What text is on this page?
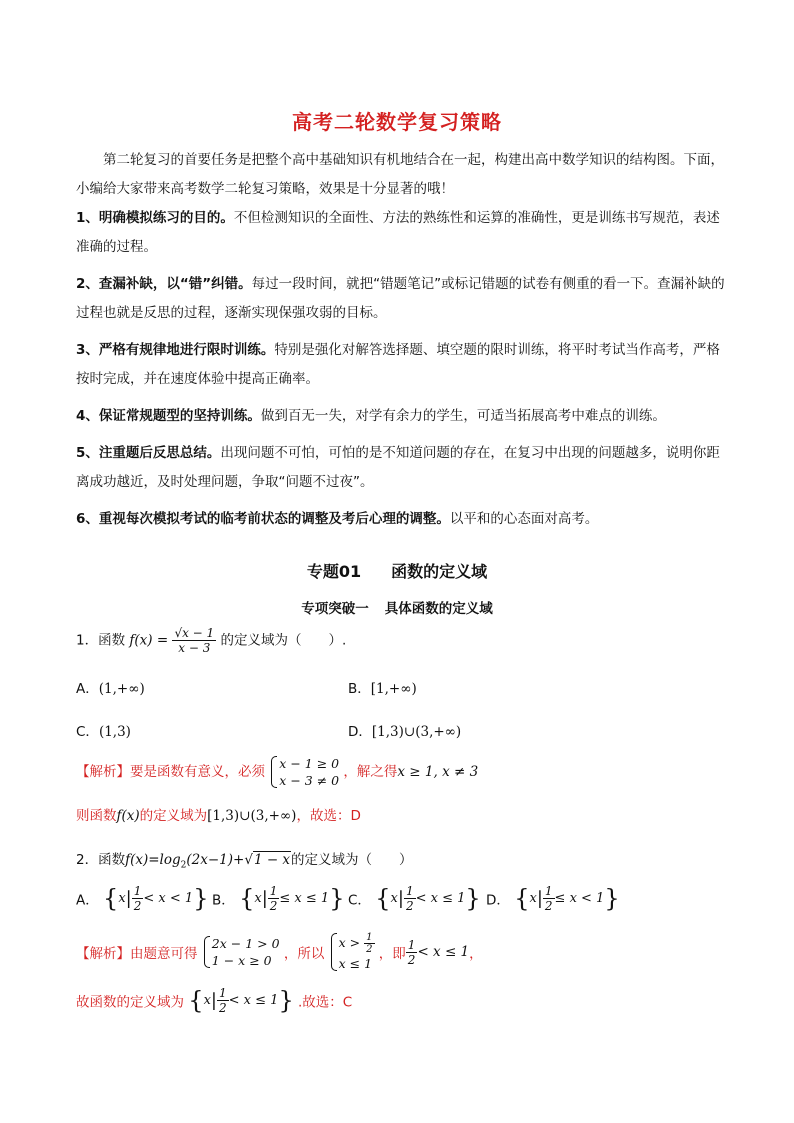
高考二轮数学复习策略

第二轮复习的首要任务是把整个高中基础知识有机地结合在一起，构建出高中数学知识的结构图。下面，小编给大家带来高考数学二轮复习策略，效果是十分显著的哦！

1、明确模拟练习的目的。不但检测知识的全面性、方法的熟练性和运算的准确性，更是训练书写规范，表述准确的过程。

2、查漏补缺，以“错”纠错。每过一段时间，就把“错题笔记”或标记错题的试卷有侧重的看一下。查漏补缺的过程也就是反思的过程，逐渐实现保强攻弱的目标。

3、严格有规律地进行限时训练。特别是强化对解答选择题、填空题的限时训练，将平时考试当作高考，严格按时完成，并在速度体验中提高正确率。

4、保证常规题型的坚持训练。做到百无一失，对学有余力的学生，可适当拓展高考中难点的训练。

5、注重题后反思总结。出现问题不可怕，可怕的是不知道问题的存在，在复习中出现的问题越多，说明你距离成功越近，及时处理问题，争取“问题不过夜”。

6、重视每次模拟考试的临考前状态的调整及考后心理的调整。以平和的心态面对高考。

专题01 函数的定义域
专项突破一 具体函数的定义域
1．函数 $f(x) = \frac{√x - 1}{x - 3}$ 的定义域为（　　）.
A．(1,+∞)	B．[1,+∞)
C．(1,3)	D．[1,3)∪(3,+∞)
【解析】要是函数有意义，必须
x − 1 ≥ 0
x − 3 ≠ 0
，解之得x ≥ 1, x ≠ 3
则函数f(x)的定义域为[1,3)∪(3,+∞)，故选：D
2．函数$f(x)=\log_2(2x-1)+√1 - x$的定义域为（　　）
A． $\{x| \frac{1}{2} < x < 1\}$ B． $\{x| \frac{1}{2} \le x \le 1\}$ C． $\{x| \frac{1}{2} < x \le 1\}$ D． $\{x| \frac{1}{2} \le x < 1\}$
【解析】由题意可得
2x − 1 > 0
1 − x ≥ 0 ，所以
$x > \frac{1}{2}$
x ≤ 1
，即 $\frac{1}{2} < x \le 1$，
故函数的定义域为 $\{x| \frac{1}{2} < x \le 1\}$ .故选：C
